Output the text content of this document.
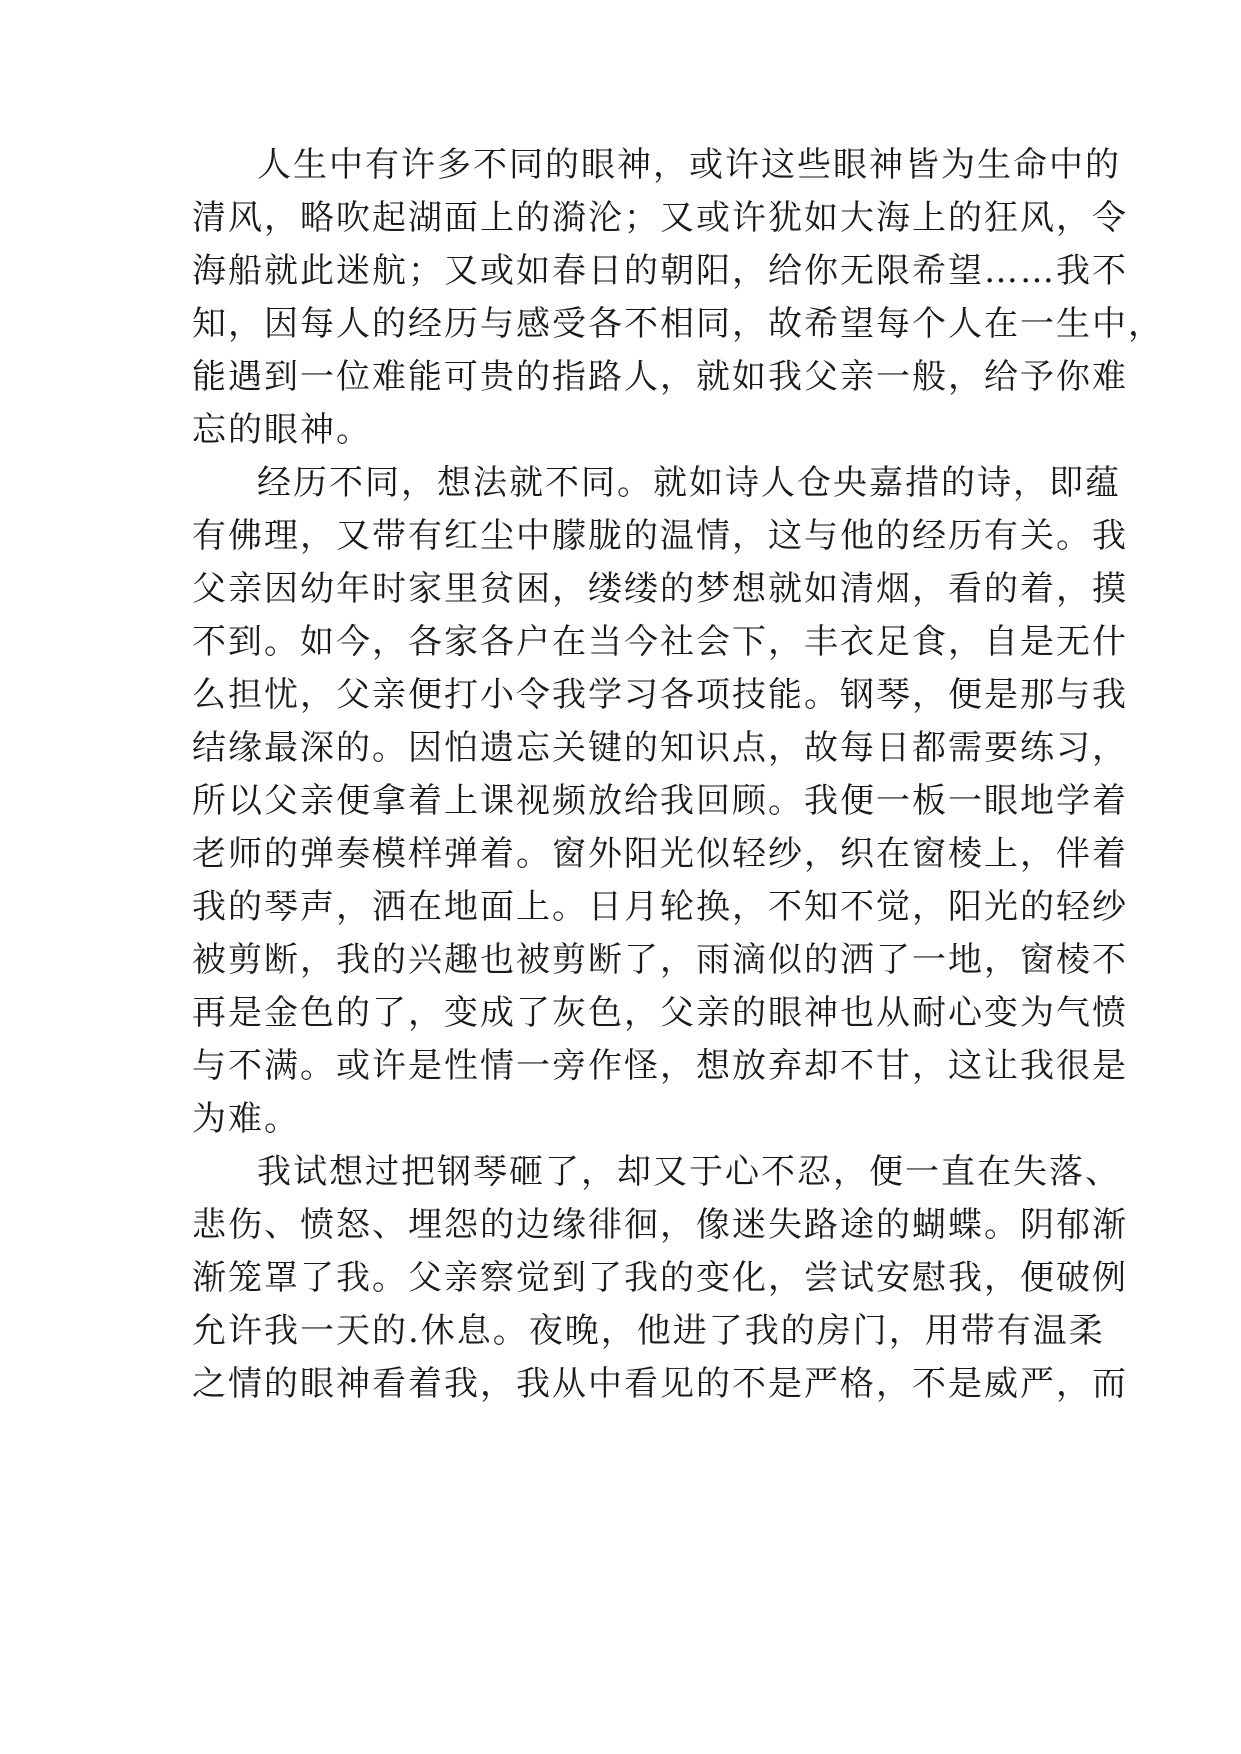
人生中有许多不同的眼神，或许这些眼神皆为生命中的
清风，略吹起湖面上的漪沦；又或许犹如大海上的狂风，令
海船就此迷航；又或如春日的朝阳，给你无限希望……我不
知，因每人的经历与感受各不相同，故希望每个人在一生中，
能遇到一位难能可贵的指路人，就如我父亲一般，给予你难
忘的眼神。
经历不同，想法就不同。就如诗人仓央嘉措的诗，即蕴
有佛理，又带有红尘中朦胧的温情，这与他的经历有关。我
父亲因幼年时家里贫困，缕缕的梦想就如清烟，看的着，摸
不到。如今，各家各户在当今社会下，丰衣足食，自是无什
么担忧，父亲便打小令我学习各项技能。钢琴，便是那与我
结缘最深的。因怕遗忘关键的知识点，故每日都需要练习，
所以父亲便拿着上课视频放给我回顾。我便一板一眼地学着
老师的弹奏模样弹着。窗外阳光似轻纱，织在窗棱上，伴着
我的琴声，洒在地面上。日月轮换，不知不觉，阳光的轻纱
被剪断，我的兴趣也被剪断了，雨滴似的洒了一地，窗棱不
再是金色的了，变成了灰色，父亲的眼神也从耐心变为气愤
与不满。或许是性情一旁作怪，想放弃却不甘，这让我很是
为难。
我试想过把钢琴砸了，却又于心不忍，便一直在失落、
悲伤、愤怒、埋怨的边缘徘徊，像迷失路途的蝴蝶。阴郁渐
渐笼罩了我。父亲察觉到了我的变化，尝试安慰我，便破例
允许我一天的.休息。夜晚，他进了我的房门，用带有温柔
之情的眼神看着我，我从中看见的不是严格，不是威严，而
